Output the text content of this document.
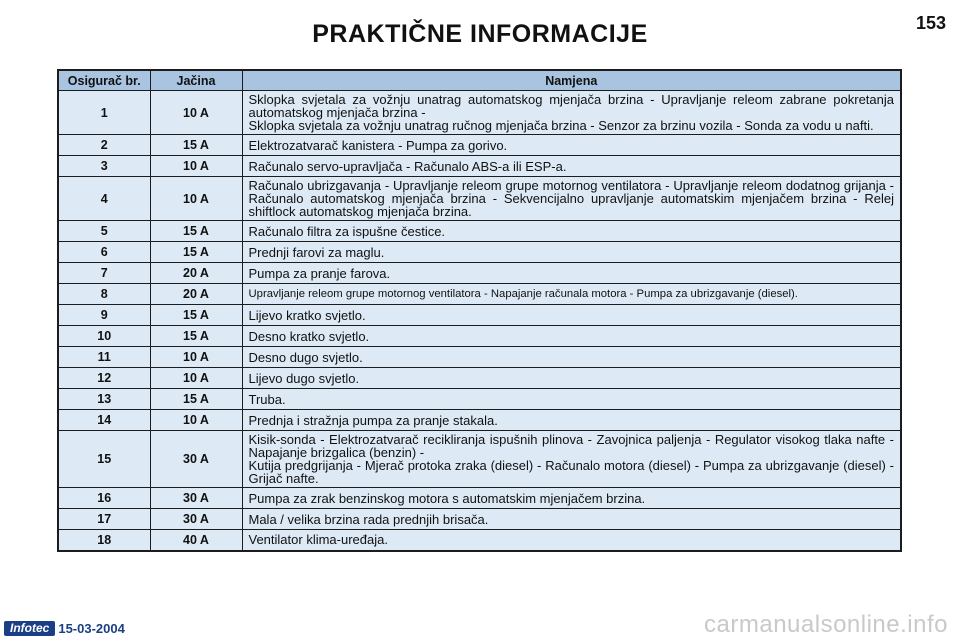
PRAKTIČNE INFORMACIJE	153
Osigurač br.	Jačina	Namjena
1	10 A	Sklopka svjetala za vožnju unatrag automatskog mjenjača brzina - Upravljanje releom zabrane pokretanja automatskog mjenjača brzina -
Sklopka svjetala za vožnju unatrag ručnog mjenjača brzina - Senzor za brzinu vozila - Sonda za vodu u nafti.
2	15 A	Elektrozatvarač kanistera - Pumpa za gorivo.
3	10 A	Računalo servo-upravljača - Računalo ABS-a ili ESP-a.
4	10 A	Računalo ubrizgavanja - Upravljanje releom grupe motornog ventilatora - Upravljanje releom dodatnog grijanja - Računalo automatskog mjenjača brzina - Sekvencijalno upravljanje automatskim mjenjačem brzina - Relej shiftlock automatskog mjenjača brzina.
5	15 A	Računalo filtra za ispušne čestice.
6	15 A	Prednji farovi za maglu.
7	20 A	Pumpa za pranje farova.
8	20 A	Upravljanje releom grupe motornog ventilatora - Napajanje računala motora - Pumpa za ubrizgavanje (diesel).
9	15 A	Lijevo kratko svjetlo.
10	15 A	Desno kratko svjetlo.
11	10 A	Desno dugo svjetlo.
12	10 A	Lijevo dugo svjetlo.
13	15 A	Truba.
14	10 A	Prednja i stražnja pumpa za pranje stakala.
15	30 A	Kisik-sonda - Elektrozatvarač recikliranja ispušnih plinova - Zavojnica paljenja - Regulator visokog tlaka nafte - Napajanje brizgalica (benzin) -
Kutija predgrijanja - Mjerač protoka zraka (diesel) - Računalo motora (diesel) - Pumpa za ubrizgavanje (diesel) - Grijač nafte.
16	30 A	Pumpa za zrak benzinskog motora s automatskim mjenjačem brzina.
17	30 A	Mala / velika brzina rada prednjih brisača.
18	40 A	Ventilator klima-uređaja.
Infotec 15-03-2004	carmanualsonline.info
